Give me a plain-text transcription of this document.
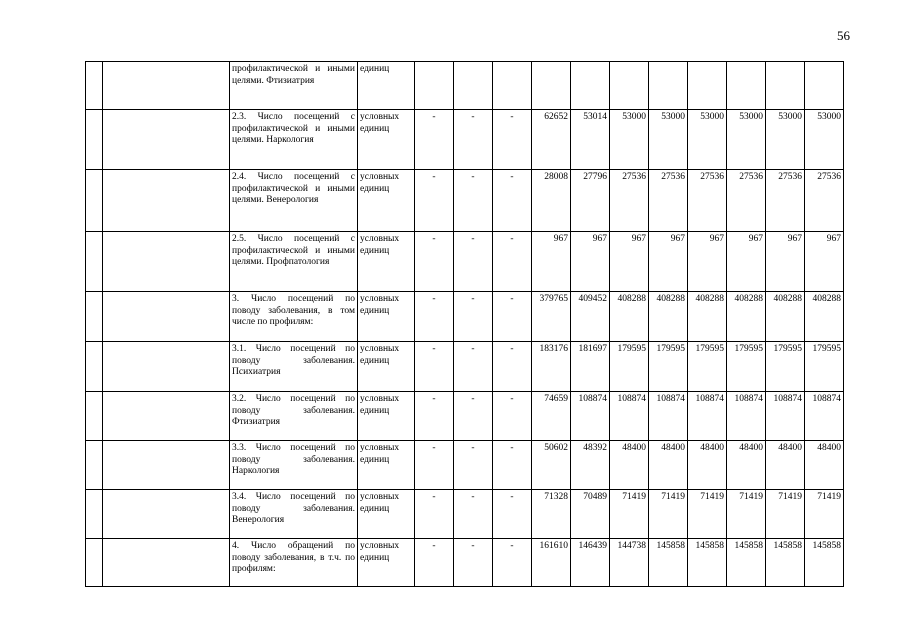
56

		профилактической и иными целями. Фтизиатрия	единиц											

		2.3. Число посещений с профилактической и иными целями. Наркология	условных единиц	-	-	-	62652	53014	53000	53000	53000	53000	53000	53000

		2.4. Число посещений с профилактической и иными целями. Венерология	условных единиц	-	-	-	28008	27796	27536	27536	27536	27536	27536	27536

		2.5. Число посещений с профилактической и иными целями. Профпатология	условных единиц	-	-	-	967	967	967	967	967	967	967	967

		3. Число посещений по поводу заболевания, в том числе по профилям:	условных единиц	-	-	-	379765	409452	408288	408288	408288	408288	408288	408288

		3.1. Число посещений по поводу заболевания. Психиатрия	условных единиц	-	-	-	183176	181697	179595	179595	179595	179595	179595	179595

		3.2. Число посещений по поводу заболевания. Фтизиатрия	условных единиц	-	-	-	74659	108874	108874	108874	108874	108874	108874	108874

		3.3. Число посещений по поводу заболевания. Наркология	условных единиц	-	-	-	50602	48392	48400	48400	48400	48400	48400	48400

		3.4. Число посещений по поводу заболевания. Венерология	условных единиц	-	-	-	71328	70489	71419	71419	71419	71419	71419	71419

		4. Число обращений по поводу заболевания, в т.ч. по профилям:	условных единиц	-	-	-	161610	146439	144738	145858	145858	145858	145858	145858
